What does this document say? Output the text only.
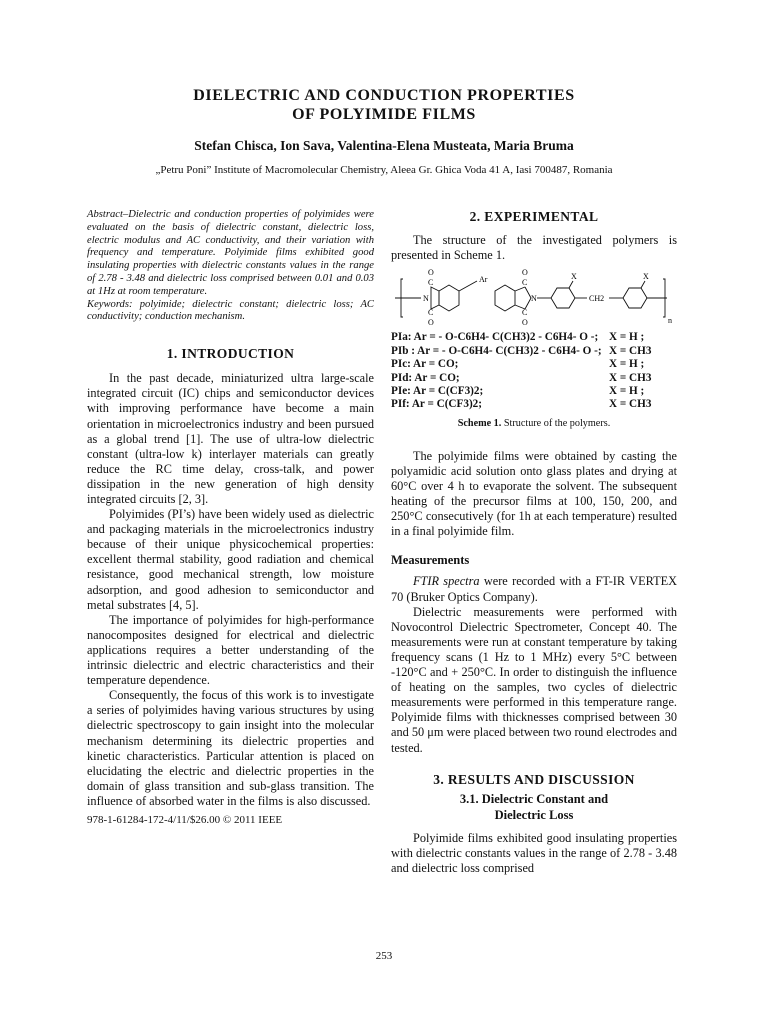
DIELECTRIC AND CONDUCTION PROPERTIES
OF POLYIMIDE FILMS
Stefan Chisca, Ion Sava, Valentina-Elena Musteata, Maria Bruma
„Petru Poni” Institute of Macromolecular Chemistry, Aleea Gr. Ghica Voda 41 A, Iasi 700487, Romania

Abstract–Dielectric and conduction properties of polyimides were evaluated on the basis of dielectric constant, dielectric loss, electric modulus and AC conductivity, and their variation with frequency and temperature. Polyimide films exhibited good insulating properties with dielectric constants values in the range of 2.78 - 3.48 and dielectric loss comprised between 0.01 and 0.03 at 1Hz at room temperature.

Keywords: polyimide; dielectric constant; dielectric loss; AC conductivity; conduction mechanism.

1. INTRODUCTION

In the past decade, miniaturized ultra large-scale integrated circuit (IC) chips and semiconductor devices with improving performance have become a main orientation in microelectronics industry and been pursued as a global trend [1]. The use of ultra-low dielectric constant (ultra-low k) interlayer materials can greatly reduce the RC time delay, cross-talk, and power dissipation in the new generation of high density integrated circuits [2, 3].

Polyimides (PI’s) have been widely used as dielectric and packaging materials in the microelectronics industry because of their unique physicochemical properties: excellent thermal stability, good radiation and chemical resistance, good mechanical strength, low moisture adsorption, and good adhesion to semiconductor and metal substrates [4, 5].

The importance of polyimides for high-performance nanocomposites designed for electrical and dielectric applications requires a better understanding of the intrinsic dielectric and electric characteristics and their temperature dependence.

Consequently, the focus of this work is to investigate a series of polyimides having various structures by using dielectric spectroscopy to gain insight into the molecular mechanism determining its dielectric properties and kinetic characteristics. Particular attention is placed on elucidating the electric and dielectric properties in the domain of glass transition and sub-glass transition. The influence of absorbed water in the films is also discussed.

978-1-61284-172-4/11/$26.00 © 2011 IEEE

2. EXPERIMENTAL

The structure of the investigated polymers is presented in Scheme 1.

O
C
N
C
O
Ar
O
C
N
C
O
X
CH2
X
n
PIa: Ar = - O-C6H4- C(CH3)2 - C6H4- O -; X = H ;
PIb : Ar = - O-C6H4- C(CH3)2 - C6H4- O -; X = CH3
PIc: Ar = CO;	X = H ;
PId: Ar = CO;	X = CH3
PIe: Ar = C(CF3)2;	X = H ;
PIf: Ar = C(CF3)2;	X = CH3
Scheme 1. Structure of the polymers.

The polyimide films were obtained by casting the polyamidic acid solution onto glass plates and drying at 60°C over 4 h to evaporate the solvent. The subsequent heating of the precursor films at 100, 150, 200, and 250°C consecutively (for 1h at each temperature) resulted in a final polyimide film.

Measurements

FTIR spectra were recorded with a FT-IR VERTEX 70 (Bruker Optics Company).

Dielectric measurements were performed with Novocontrol Dielectric Spectrometer, Concept 40. The measurements were run at constant temperature by taking frequency scans (1 Hz to 1 MHz) every 5°C between -120°C and + 250°C. In order to distinguish the influence of heating on the samples, two cycles of dielectric measurements were performed in this temperature range. Polyimide films with thicknesses comprised between 30 and 50 μm were placed between two round electrodes and tested.

3. RESULTS AND DISCUSSION

3.1. Dielectric Constant and

Dielectric Loss

Polyimide films exhibited good insulating properties with dielectric constants values in the range of 2.78 - 3.48 and dielectric loss comprised

253
